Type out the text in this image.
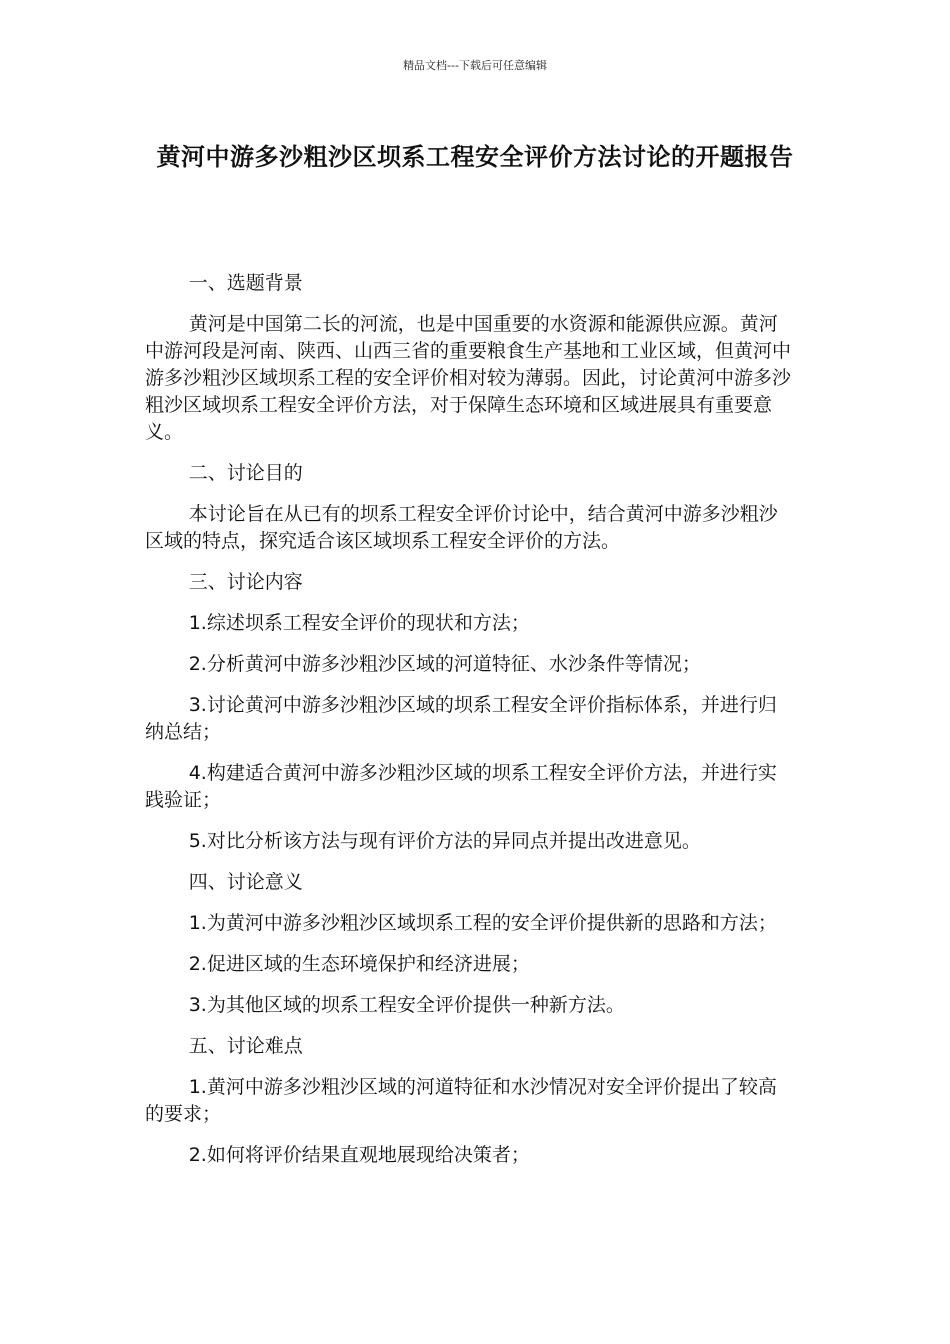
精品文档---下载后可任意编辑
黄河中游多沙粗沙区坝系工程安全评价方法讨论的开题报告

一、选题背景

黄河是中国第二长的河流，也是中国重要的水资源和能源供应源。黄河中游河段是河南、陕西、山西三省的重要粮食生产基地和工业区域，但黄河中游多沙粗沙区域坝系工程的安全评价相对较为薄弱。因此，讨论黄河中游多沙粗沙区域坝系工程安全评价方法，对于保障生态环境和区域进展具有重要意义。

二、讨论目的

本讨论旨在从已有的坝系工程安全评价讨论中，结合黄河中游多沙粗沙区域的特点，探究适合该区域坝系工程安全评价的方法。

三、讨论内容

1.综述坝系工程安全评价的现状和方法；

2.分析黄河中游多沙粗沙区域的河道特征、水沙条件等情况；

3.讨论黄河中游多沙粗沙区域的坝系工程安全评价指标体系，并进行归纳总结；

4.构建适合黄河中游多沙粗沙区域的坝系工程安全评价方法，并进行实践验证；

5.对比分析该方法与现有评价方法的异同点并提出改进意见。

四、讨论意义

1.为黄河中游多沙粗沙区域坝系工程的安全评价提供新的思路和方法；

2.促进区域的生态环境保护和经济进展；

3.为其他区域的坝系工程安全评价提供一种新方法。

五、讨论难点

1.黄河中游多沙粗沙区域的河道特征和水沙情况对安全评价提出了较高的要求；

2.如何将评价结果直观地展现给决策者；
